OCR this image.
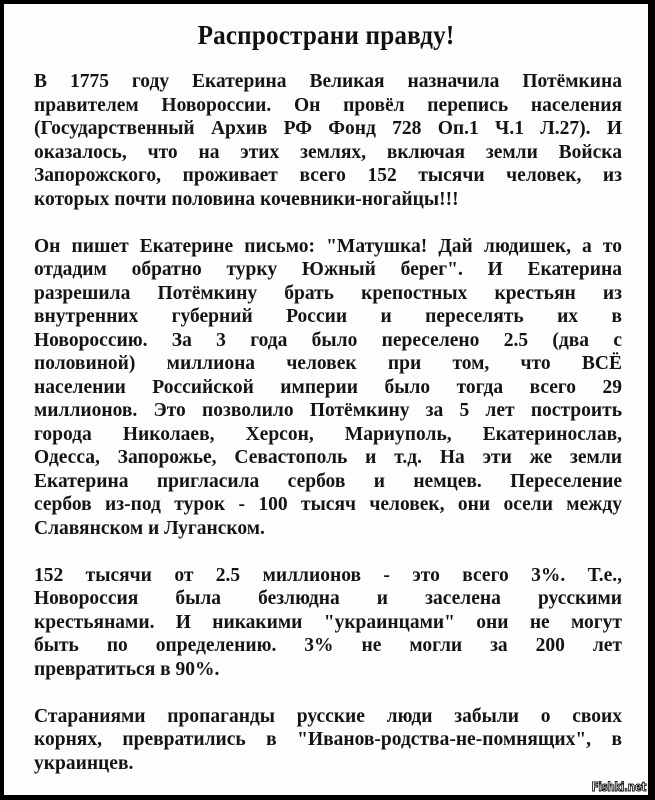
Распространи правду!
В 1775 году Екатерина Великая назначила Потёмкина
правителем Новороссии. Он провёл перепись населения
(Государственный Архив РФ Фонд 728 Оп.1 Ч.1 Л.27). И
оказалось, что на этих землях, включая земли Войска
Запорожского, проживает всего 152 тысячи человек, из
которых почти половина кочевники-ногайцы!!!
Он пишет Екатерине письмо: "Матушка! Дай людишек, а то
отдадим обратно турку Южный берег". И Екатерина
разрешила Потёмкину брать крепостных крестьян из
внутренних губерний России и переселять их в
Новороссию. За 3 года было переселено 2.5 (два с
половиной) миллиона человек при том, что ВСЁ
населении Российской империи было тогда всего 29
миллионов. Это позволило Потёмкину за 5 лет построить
города Николаев, Херсон, Мариуполь, Екатеринослав,
Одесса, Запорожье, Севастополь и т.д. На эти же земли
Екатерина пригласила сербов и немцев. Переселение
сербов из-под турок - 100 тысяч человек, они осели между
Славянском и Луганском.
152 тысячи от 2.5 миллионов - это всего 3%. Т.е.,
Новороссия была безлюдна и заселена русскими
крестьянами. И никакими "украинцами" они не могут
быть по определению. 3% не могли за 200 лет
превратиться в 90%.
Стараниями пропаганды русские люди забыли о своих
корнях, превратились в "Иванов-родства-не-помнящих", в
украинцев.
Fishki.net
